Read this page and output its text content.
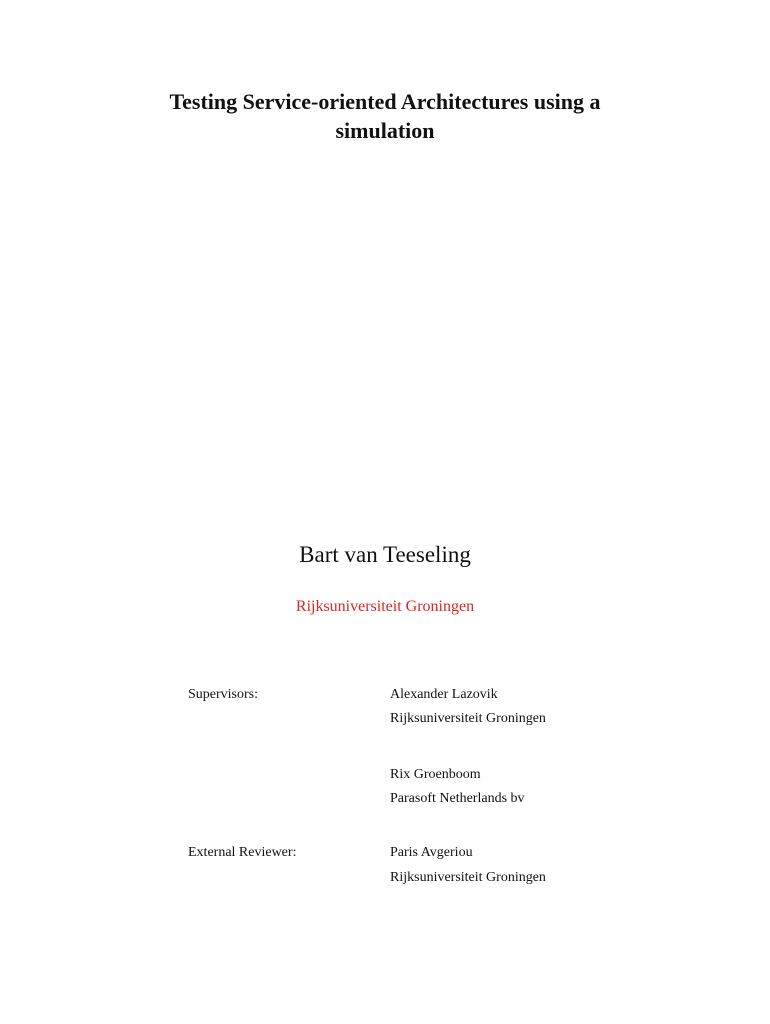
Testing Service-oriented Architectures using a
simulation
Bart van Teeseling
Rijksuniversiteit Groningen
Supervisors:	Alexander Lazovik
Rijksuniversiteit Groningen
Rix Groenboom
Parasoft Netherlands bv
External Reviewer:	Paris Avgeriou
Rijksuniversiteit Groningen
